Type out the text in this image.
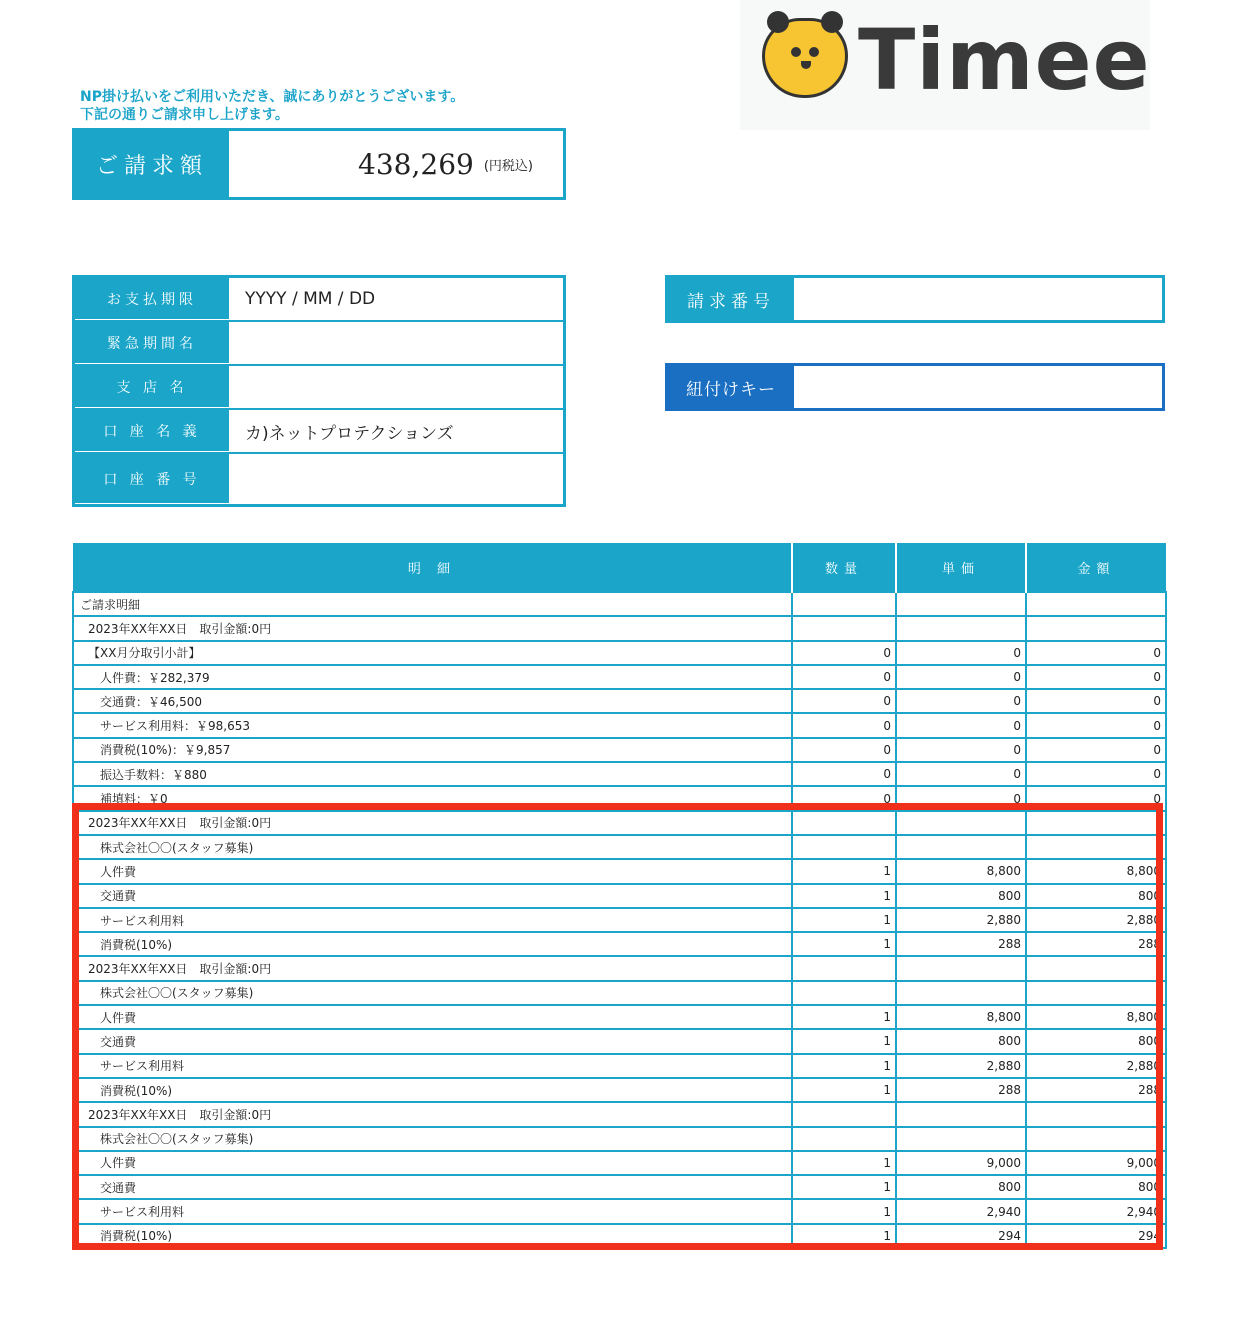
Timee
NP掛け払いをご利用いただき、誠にありがとうございます。
下記の通りご請求申し上げます。
ご請求額	438,269 (円税込)
お支払期限	YYYY / MM / DD
緊急期間名
支 店 名
口 座 名 義	カ)ネットプロテクションズ
口 座 番 号
請求番号
紐付けキー
明 細	数量	単価	金額
ご請求明細			
2023年XX年XX日　取引金額:0円			
【XX月分取引小計】	0	0	0
人件費：￥282,379	0	0	0
交通費：￥46,500	0	0	0
サービス利用料：￥98,653	0	0	0
消費税(10%)：￥9,857	0	0	0
振込手数料：￥880	0	0	0
補填料：￥0	0	0	0
2023年XX年XX日　取引金額:0円			
株式会社〇〇(スタッフ募集)			
人件費	1	8,800	8,800
交通費	1	800	800
サービス利用料	1	2,880	2,880
消費税(10%)	1	288	288
2023年XX年XX日　取引金額:0円			
株式会社〇〇(スタッフ募集)			
人件費	1	8,800	8,800
交通費	1	800	800
サービス利用料	1	2,880	2,880
消費税(10%)	1	288	288
2023年XX年XX日　取引金額:0円			
株式会社〇〇(スタッフ募集)			
人件費	1	9,000	9,000
交通費	1	800	800
サービス利用料	1	2,940	2,940
消費税(10%)	1	294	294
